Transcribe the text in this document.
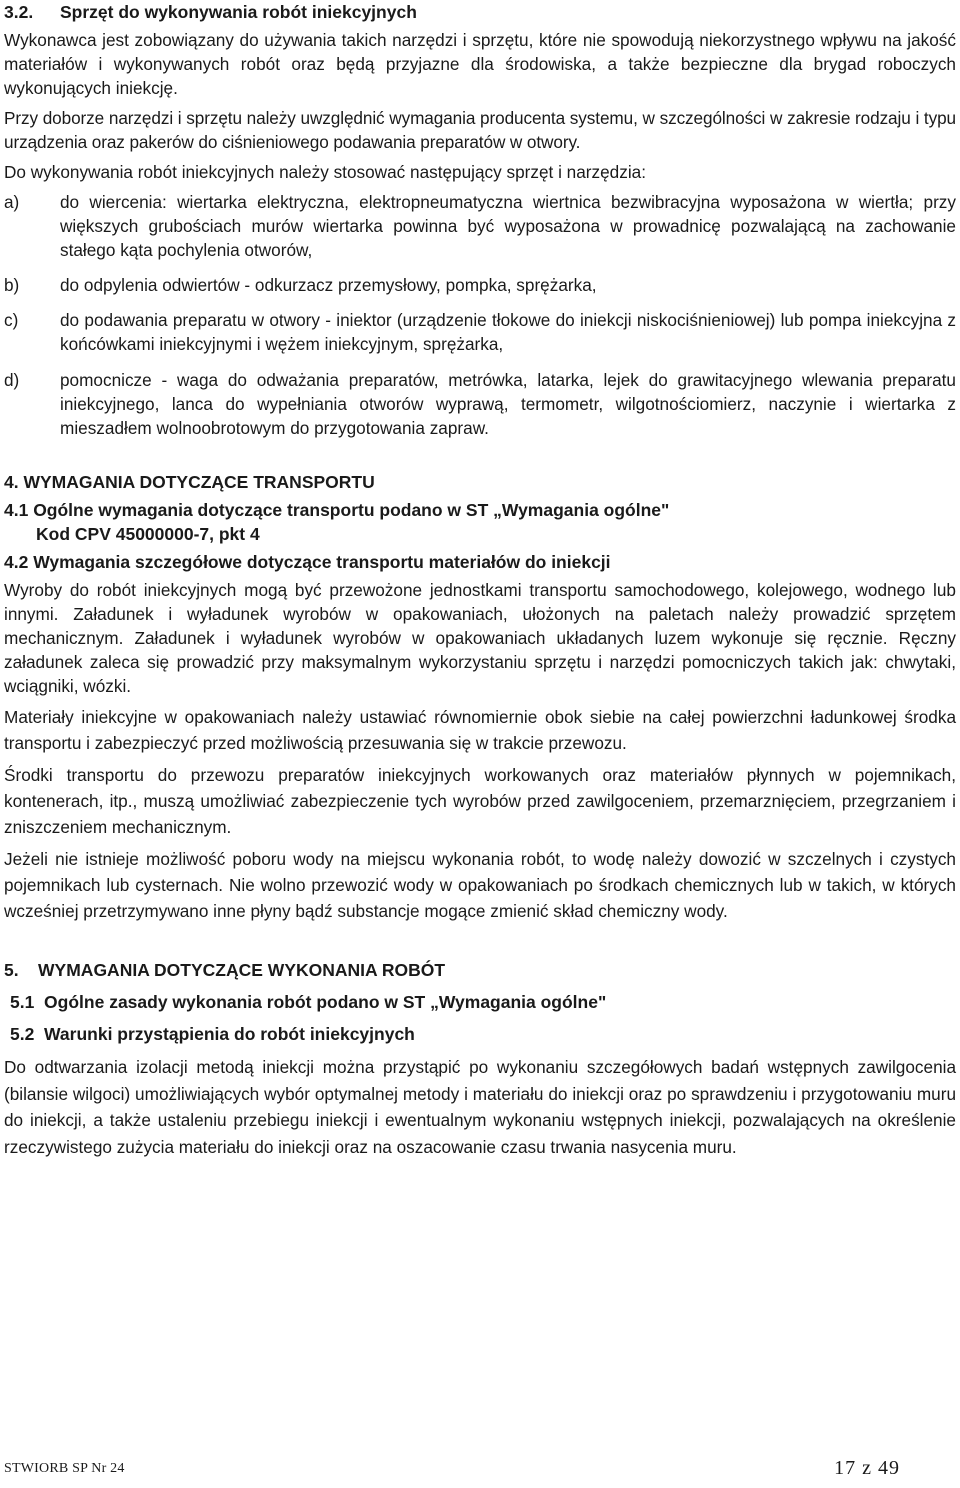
3.2.	Sprzęt do wykonywania robót iniekcyjnych

Wykonawca jest zobowiązany do używania takich narzędzi i sprzętu, które nie spowodują niekorzystnego wpływu na jakość materiałów i wykonywanych robót oraz będą przyjazne dla środowiska, a także bezpieczne dla brygad roboczych wykonujących iniekcję.

Przy doborze narzędzi i sprzętu należy uwzględnić wymagania producenta systemu, w szczególności w zakresie rodzaju i typu urządzenia oraz pakerów do ciśnieniowego podawania preparatów w otwory.

Do wykonywania robót iniekcyjnych należy stosować następujący sprzęt i narzędzia:

a)	do wiercenia: wiertarka elektryczna, elektropneumatyczna wiertnica bezwibracyjna wyposażona w wiertła; przy większych grubościach murów wiertarka powinna być wyposażona w prowadnicę pozwalającą na zachowanie stałego kąta pochylenia otworów,
b)	do odpylenia odwiertów - odkurzacz przemysłowy, pompka, sprężarka,
c)	do podawania preparatu w otwory - iniektor (urządzenie tłokowe do iniekcji niskociśnieniowej) lub pompa iniekcyjna z końcówkami iniekcyjnymi i wężem iniekcyjnym, sprężarka,
d)	pomocnicze - waga do odważania preparatów, metrówka, latarka, lejek do grawitacyjnego wlewania preparatu iniekcyjnego, lanca do wypełniania otworów wyprawą, termometr, wilgotnościomierz, naczynie i wiertarka z mieszadłem wolnoobrotowym do przygotowania zapraw.
4. WYMAGANIA DOTYCZĄCE TRANSPORTU
4.1 Ogólne wymagania dotyczące transportu podano w ST „Wymagania ogólne"
Kod CPV 45000000-7, pkt 4
4.2 Wymagania szczegółowe dotyczące transportu materiałów do iniekcji

Wyroby do robót iniekcyjnych mogą być przewożone jednostkami transportu samochodowego, kolejowego, wodnego lub innymi. Załadunek i wyładunek wyrobów w opakowaniach, ułożonych na paletach należy prowadzić sprzętem mechanicznym. Załadunek i wyładunek wyrobów w opakowaniach układanych luzem wykonuje się ręcznie. Ręczny załadunek zaleca się prowadzić przy maksymalnym wykorzystaniu sprzętu i narzędzi pomocniczych takich jak: chwytaki, wciągniki, wózki.

Materiały iniekcyjne w opakowaniach należy ustawiać równomiernie obok siebie na całej powierzchni ładunkowej środka transportu i zabezpieczyć przed możliwością przesuwania się w trakcie przewozu.

Środki transportu do przewozu preparatów iniekcyjnych workowanych oraz materiałów płynnych w pojemnikach, kontenerach, itp., muszą umożliwiać zabezpieczenie tych wyrobów przed zawilgoceniem, przemarznięciem, przegrzaniem i zniszczeniem mechanicznym.

Jeżeli nie istnieje możliwość poboru wody na miejscu wykonania robót, to wodę należy dowozić w szczelnych i czystych pojemnikach lub cysternach. Nie wolno przewozić wody w opakowaniach po środkach chemicznych lub w takich, w których wcześniej przetrzymywano inne płyny bądź substancje mogące zmienić skład chemiczny wody.

5.    WYMAGANIA DOTYCZĄCE WYKONANIA ROBÓT
5.1  Ogólne zasady wykonania robót podano w ST „Wymagania ogólne"
5.2  Warunki przystąpienia do robót iniekcyjnych

Do odtwarzania izolacji metodą iniekcji można przystąpić po wykonaniu szczegółowych badań wstępnych zawilgocenia (bilansie wilgoci) umożliwiających wybór optymalnej metody i materiału do iniekcji oraz po sprawdzeniu i przygotowaniu muru do iniekcji, a także ustaleniu przebiegu iniekcji i ewentualnym wykonaniu wstępnych iniekcji, pozwalających na określenie rzeczywistego zużycia materiału do iniekcji oraz na oszacowanie czasu trwania nasycenia muru.

STWIORB SP Nr 24	17 z 49
